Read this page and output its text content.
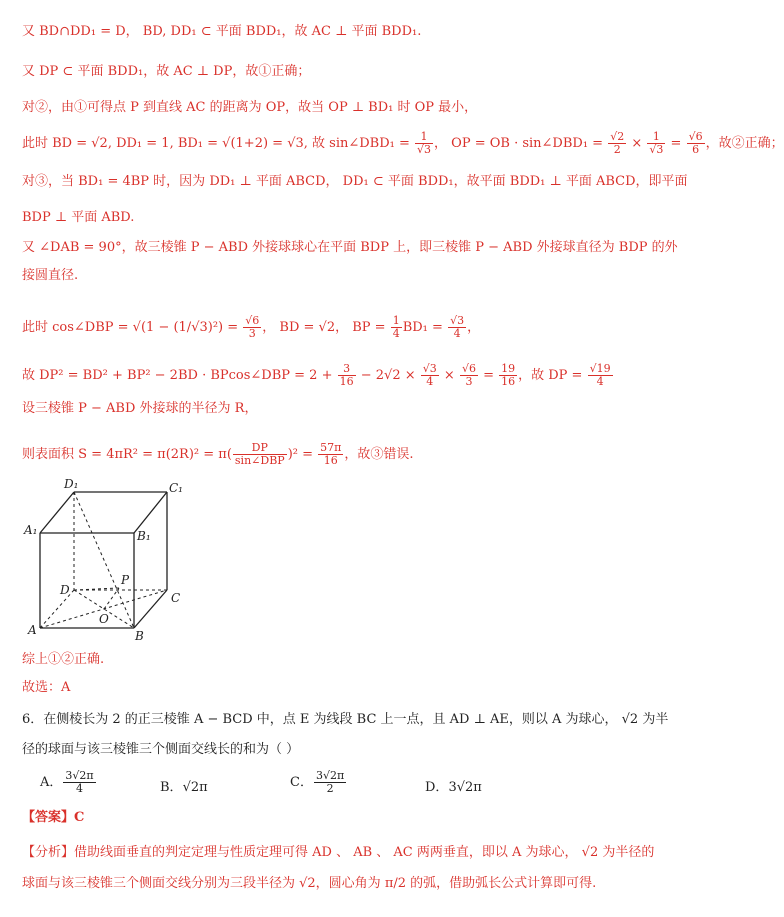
又 BD∩DD₁ = D， BD, DD₁ ⊂ 平面 BDD₁，故 AC ⊥ 平面 BDD₁.
又 DP ⊂ 平面 BDD₁，故 AC ⊥ DP，故①正确；
对②，由①可得点 P 到直线 AC 的距离为 OP，故当 OP ⊥ BD₁ 时 OP 最小，
此时 BD = √2, DD₁ = 1, BD₁ = √(1+2) = √3, 故 sin∠DBD₁ = $\frac{1}{√3}$ ， OP = OB · sin∠DBD₁ = $\frac{√2}{2} \times \frac{1}{√3} = \frac{√6}{6}$ ，故②正确；
对③，当 BD₁ = 4BP 时，因为 DD₁ ⊥ 平面 ABCD， DD₁ ⊂ 平面 BDD₁，故平面 BDD₁ ⊥ 平面 ABCD，即平面
BDP ⊥ 平面 ABD.
又 ∠DAB = 90°，故三棱锥 P − ABD 外接球球心在平面 BDP 上，即三棱锥 P − ABD 外接球直径为 BDP 的外
接圆直径.
此时 cos∠DBP = $√(1 - (1/√3)^2) = \frac{√6}{3}$ ， BD = √2， BP = $\frac{1}{4} BD_1 = \frac{√3}{4}$ ，
故 DP² = BD² + BP² − 2BD · BPcos∠DBP = $2 + \frac{3}{16} - 2√2 \times \frac{√3}{4} \times \frac{√6}{3} = \frac{19}{16}$ ，故 DP = $\frac{√19}{4}$
设三棱锥 P − ABD 外接球的半径为 R，
则表面积 $S = 4\pi R^2 = \pi(2R)^2 = \pi( \frac{DP}{\text{sin∠DBP}} )^2 = \frac{57\pi}{16}$ ，故③错误.
D₁	C₁
A₁	B₁
D
C
A	B
P
O
综上①②正确.
故选：A
6．在侧棱长为 2 的正三棱锥 A − BCD 中，点 E 为线段 BC 上一点，且 AD ⊥ AE，则以 A 为球心， √2 为半
径的球面与该三棱锥三个侧面交线长的和为（ ）
A． $\frac{3√2\pi}{4}$	B．√2π	C． $\frac{3√2\pi}{2}$	D．3√2π
【答案】C
【分析】借助线面垂直的判定定理与性质定理可得 AD 、 AB 、 AC 两两垂直，即以 A 为球心， √2 为半径的
球面与该三棱锥三个侧面交线分别为三段半径为 √2，圆心角为 π/2 的弧，借助弧长公式计算即可得.
